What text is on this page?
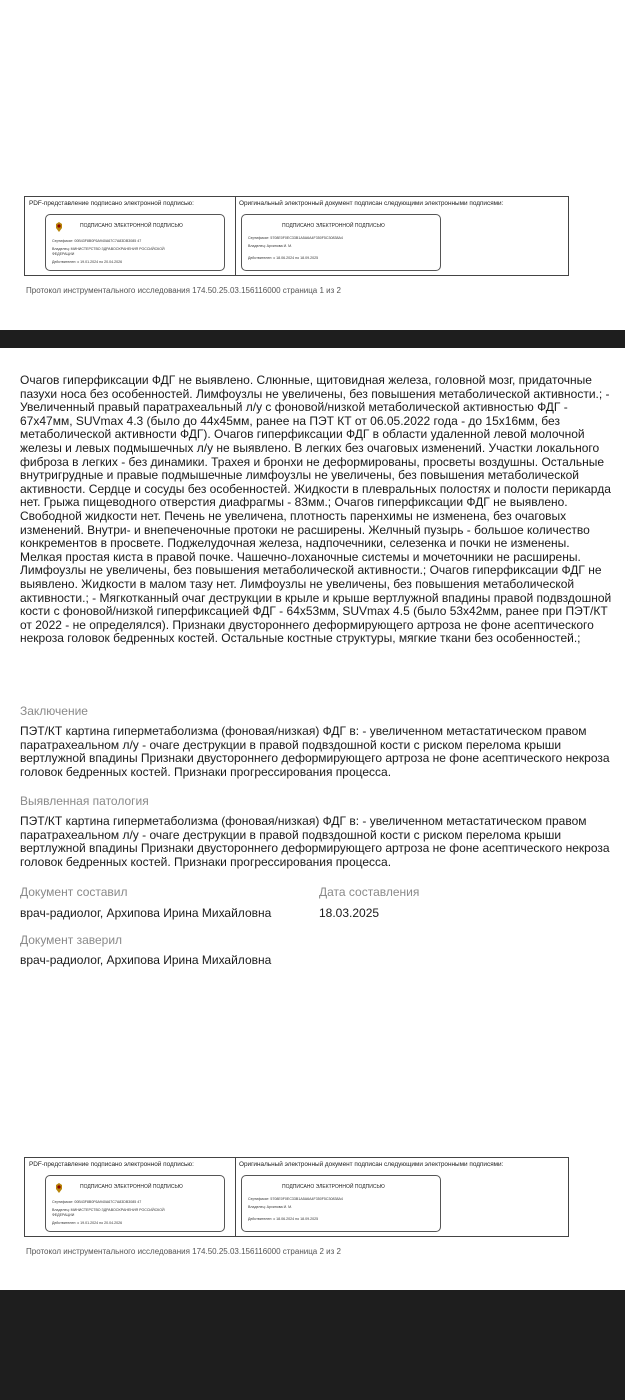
PDF-представление подписано электронной подписью:
ПОДПИСАНО ЭЛЕКТРОННОЙ ПОДПИСЬЮ
Сертификат: 00B43F8B0F6A940A67C7A83DB3085 47
Владелец: МИНИСТЕРСТВО ЗДРАВООХРАНЕНИЯ РОССИЙСКОЙ
ФЕДЕРАЦИИ
Действителен: с 19.01.2024 по 20.04.2026
Оригинальный электронный документ подписан следующими электронными подписями:
ПОДПИСАНО ЭЛЕКТРОННОЙ ПОДПИСЬЮ
Сертификат: 5708E0F0EC33B1A5A6A4F350F5C30838A4
Владелец: Архипова И. М.
Действителен: с 18.06.2024 по 18.09.2025
Протокол инструментального исследования 174.50.25.03.156116000 страница 1 из 2

Очагов гиперфиксации ФДГ не выявлено. Слюнные, щитовидная железа, головной мозг, придаточные пазухи носа без особенностей. Лимфоузлы не увеличены, без повышения метаболической активности.; - Увеличенный правый паратрахеальный л/у с фоновой/низкой метаболической активностью ФДГ - 67х47мм, SUVmax 4.3 (было до 44х45мм, ранее на ПЭТ КТ от 06.05.2022 года - до 15х16мм, без метаболической активности ФДГ). Очагов гиперфиксации ФДГ в области удаленной левой молочной железы и левых подмышечных л/у не выявлено. В легких без очаговых изменений. Участки локального фиброза в легких - без динамики. Трахея и бронхи не деформированы, просветы воздушны. Остальные внутригрудные и правые подмышечные лимфоузлы не увеличены, без повышения метаболической активности. Сердце и сосуды без особенностей. Жидкости в плевральных полостях и полости перикарда нет. Грыжа пищеводного отверстия диафрагмы - 83мм.; Очагов гиперфиксации ФДГ не выявлено. Свободной жидкости нет. Печень не увеличена, плотность паренхимы не изменена, без очаговых изменений. Внутри- и внепеченочные протоки не расширены. Желчный пузырь - большое количество конкрементов в просвете. Поджелудочная железа, надпочечники, селезенка и почки не изменены. Мелкая простая киста в правой почке. Чашечно-лоханочные системы и мочеточники не расширены. Лимфоузлы не увеличены, без повышения метаболической активности.; Очагов гиперфиксации ФДГ не выявлено. Жидкости в малом тазу нет. Лимфоузлы не увеличены, без повышения метаболической активности.; - Мягкотканный очаг деструкции в крыле и крыше вертлужной впадины правой подвздошной кости с фоновой/низкой гиперфиксацией ФДГ - 64х53мм, SUVmax 4.5 (было 53х42мм, ранее при ПЭТ/КТ от 2022 - не определялся). Признаки двустороннего деформирующего артроза не фоне асептического некроза головок бедренных костей. Остальные костные структуры, мягкие ткани без особенностей.;

Заключение

ПЭТ/КТ картина гиперметаболизма (фоновая/низкая) ФДГ в: - увеличенном метастатическом правом паратрахеальном л/у - очаге деструкции в правой подвздошной кости с риском перелома крыши вертлужной впадины Признаки двустороннего деформирующего артроза не фоне асептического некроза головок бедренных костей. Признаки прогрессирования процесса.

Выявленная патология

ПЭТ/КТ картина гиперметаболизма (фоновая/низкая) ФДГ в: - увеличенном метастатическом правом паратрахеальном л/у - очаге деструкции в правой подвздошной кости с риском перелома крыши вертлужной впадины Признаки двустороннего деформирующего артроза не фоне асептического некроза головок бедренных костей. Признаки прогрессирования процесса.

Документ составил
врач-радиолог, Архипова Ирина Михайловна
Дата составления
18.03.2025
Документ заверил
врач-радиолог, Архипова Ирина Михайловна
PDF-представление подписано электронной подписью:
ПОДПИСАНО ЭЛЕКТРОННОЙ ПОДПИСЬЮ
Сертификат: 00B43F8B0F6A940A67C7A83DB3085 47
Владелец: МИНИСТЕРСТВО ЗДРАВООХРАНЕНИЯ РОССИЙСКОЙ
ФЕДЕРАЦИИ
Действителен: с 19.01.2024 по 20.04.2026
Оригинальный электронный документ подписан следующими электронными подписями:
ПОДПИСАНО ЭЛЕКТРОННОЙ ПОДПИСЬЮ
Сертификат: 5708E0F0EC33B1A5A6A4F350F5C30838A4
Владелец: Архипова И. М.
Действителен: с 18.06.2024 по 18.09.2025
Протокол инструментального исследования 174.50.25.03.156116000 страница 2 из 2
